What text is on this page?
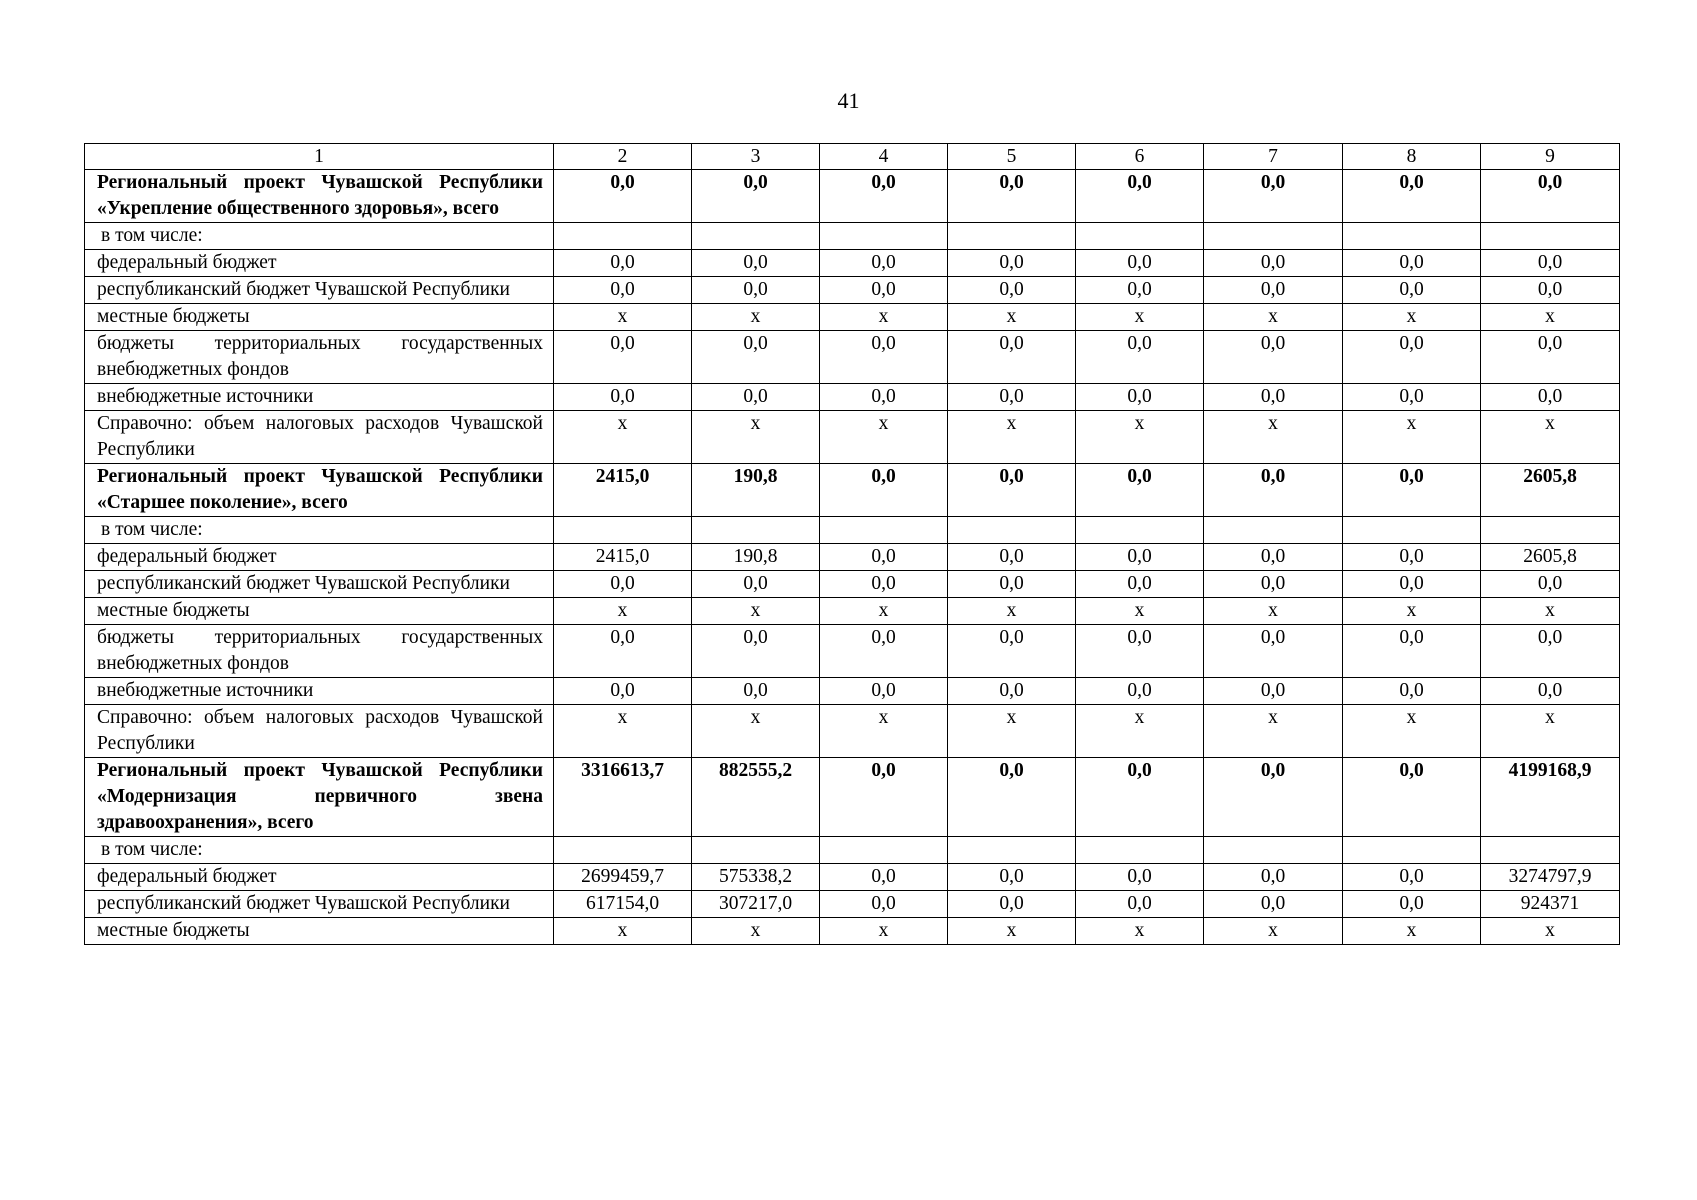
41
1	2	3	4	5	6	7	8	9
Региональный проект Чувашской Республики «Укрепление общественного здоровья», всего	0,0	0,0	0,0	0,0	0,0	0,0	0,0	0,0
в том числе:								
федеральный бюджет	0,0	0,0	0,0	0,0	0,0	0,0	0,0	0,0
республиканский бюджет Чувашской Республики	0,0	0,0	0,0	0,0	0,0	0,0	0,0	0,0
местные бюджеты	x	x	x	x	x	x	x	x
бюджеты территориальных государственных внебюджетных фондов	0,0	0,0	0,0	0,0	0,0	0,0	0,0	0,0
внебюджетные источники	0,0	0,0	0,0	0,0	0,0	0,0	0,0	0,0
Справочно: объем налоговых расходов Чувашской Республики	x	x	x	x	x	x	x	x
Региональный проект Чувашской Республики «Старшее поколение», всего	2415,0	190,8	0,0	0,0	0,0	0,0	0,0	2605,8
в том числе:								
федеральный бюджет	2415,0	190,8	0,0	0,0	0,0	0,0	0,0	2605,8
республиканский бюджет Чувашской Республики	0,0	0,0	0,0	0,0	0,0	0,0	0,0	0,0
местные бюджеты	x	x	x	x	x	x	x	x
бюджеты территориальных государственных внебюджетных фондов	0,0	0,0	0,0	0,0	0,0	0,0	0,0	0,0
внебюджетные источники	0,0	0,0	0,0	0,0	0,0	0,0	0,0	0,0
Справочно: объем налоговых расходов Чувашской Республики	x	x	x	x	x	x	x	x
Региональный проект Чувашской Республики «Модернизация первичного звена здравоохранения», всего	3316613,7	882555,2	0,0	0,0	0,0	0,0	0,0	4199168,9
в том числе:								
федеральный бюджет	2699459,7	575338,2	0,0	0,0	0,0	0,0	0,0	3274797,9
республиканский бюджет Чувашской Республики	617154,0	307217,0	0,0	0,0	0,0	0,0	0,0	924371
местные бюджеты	x	x	x	x	x	x	x	x
